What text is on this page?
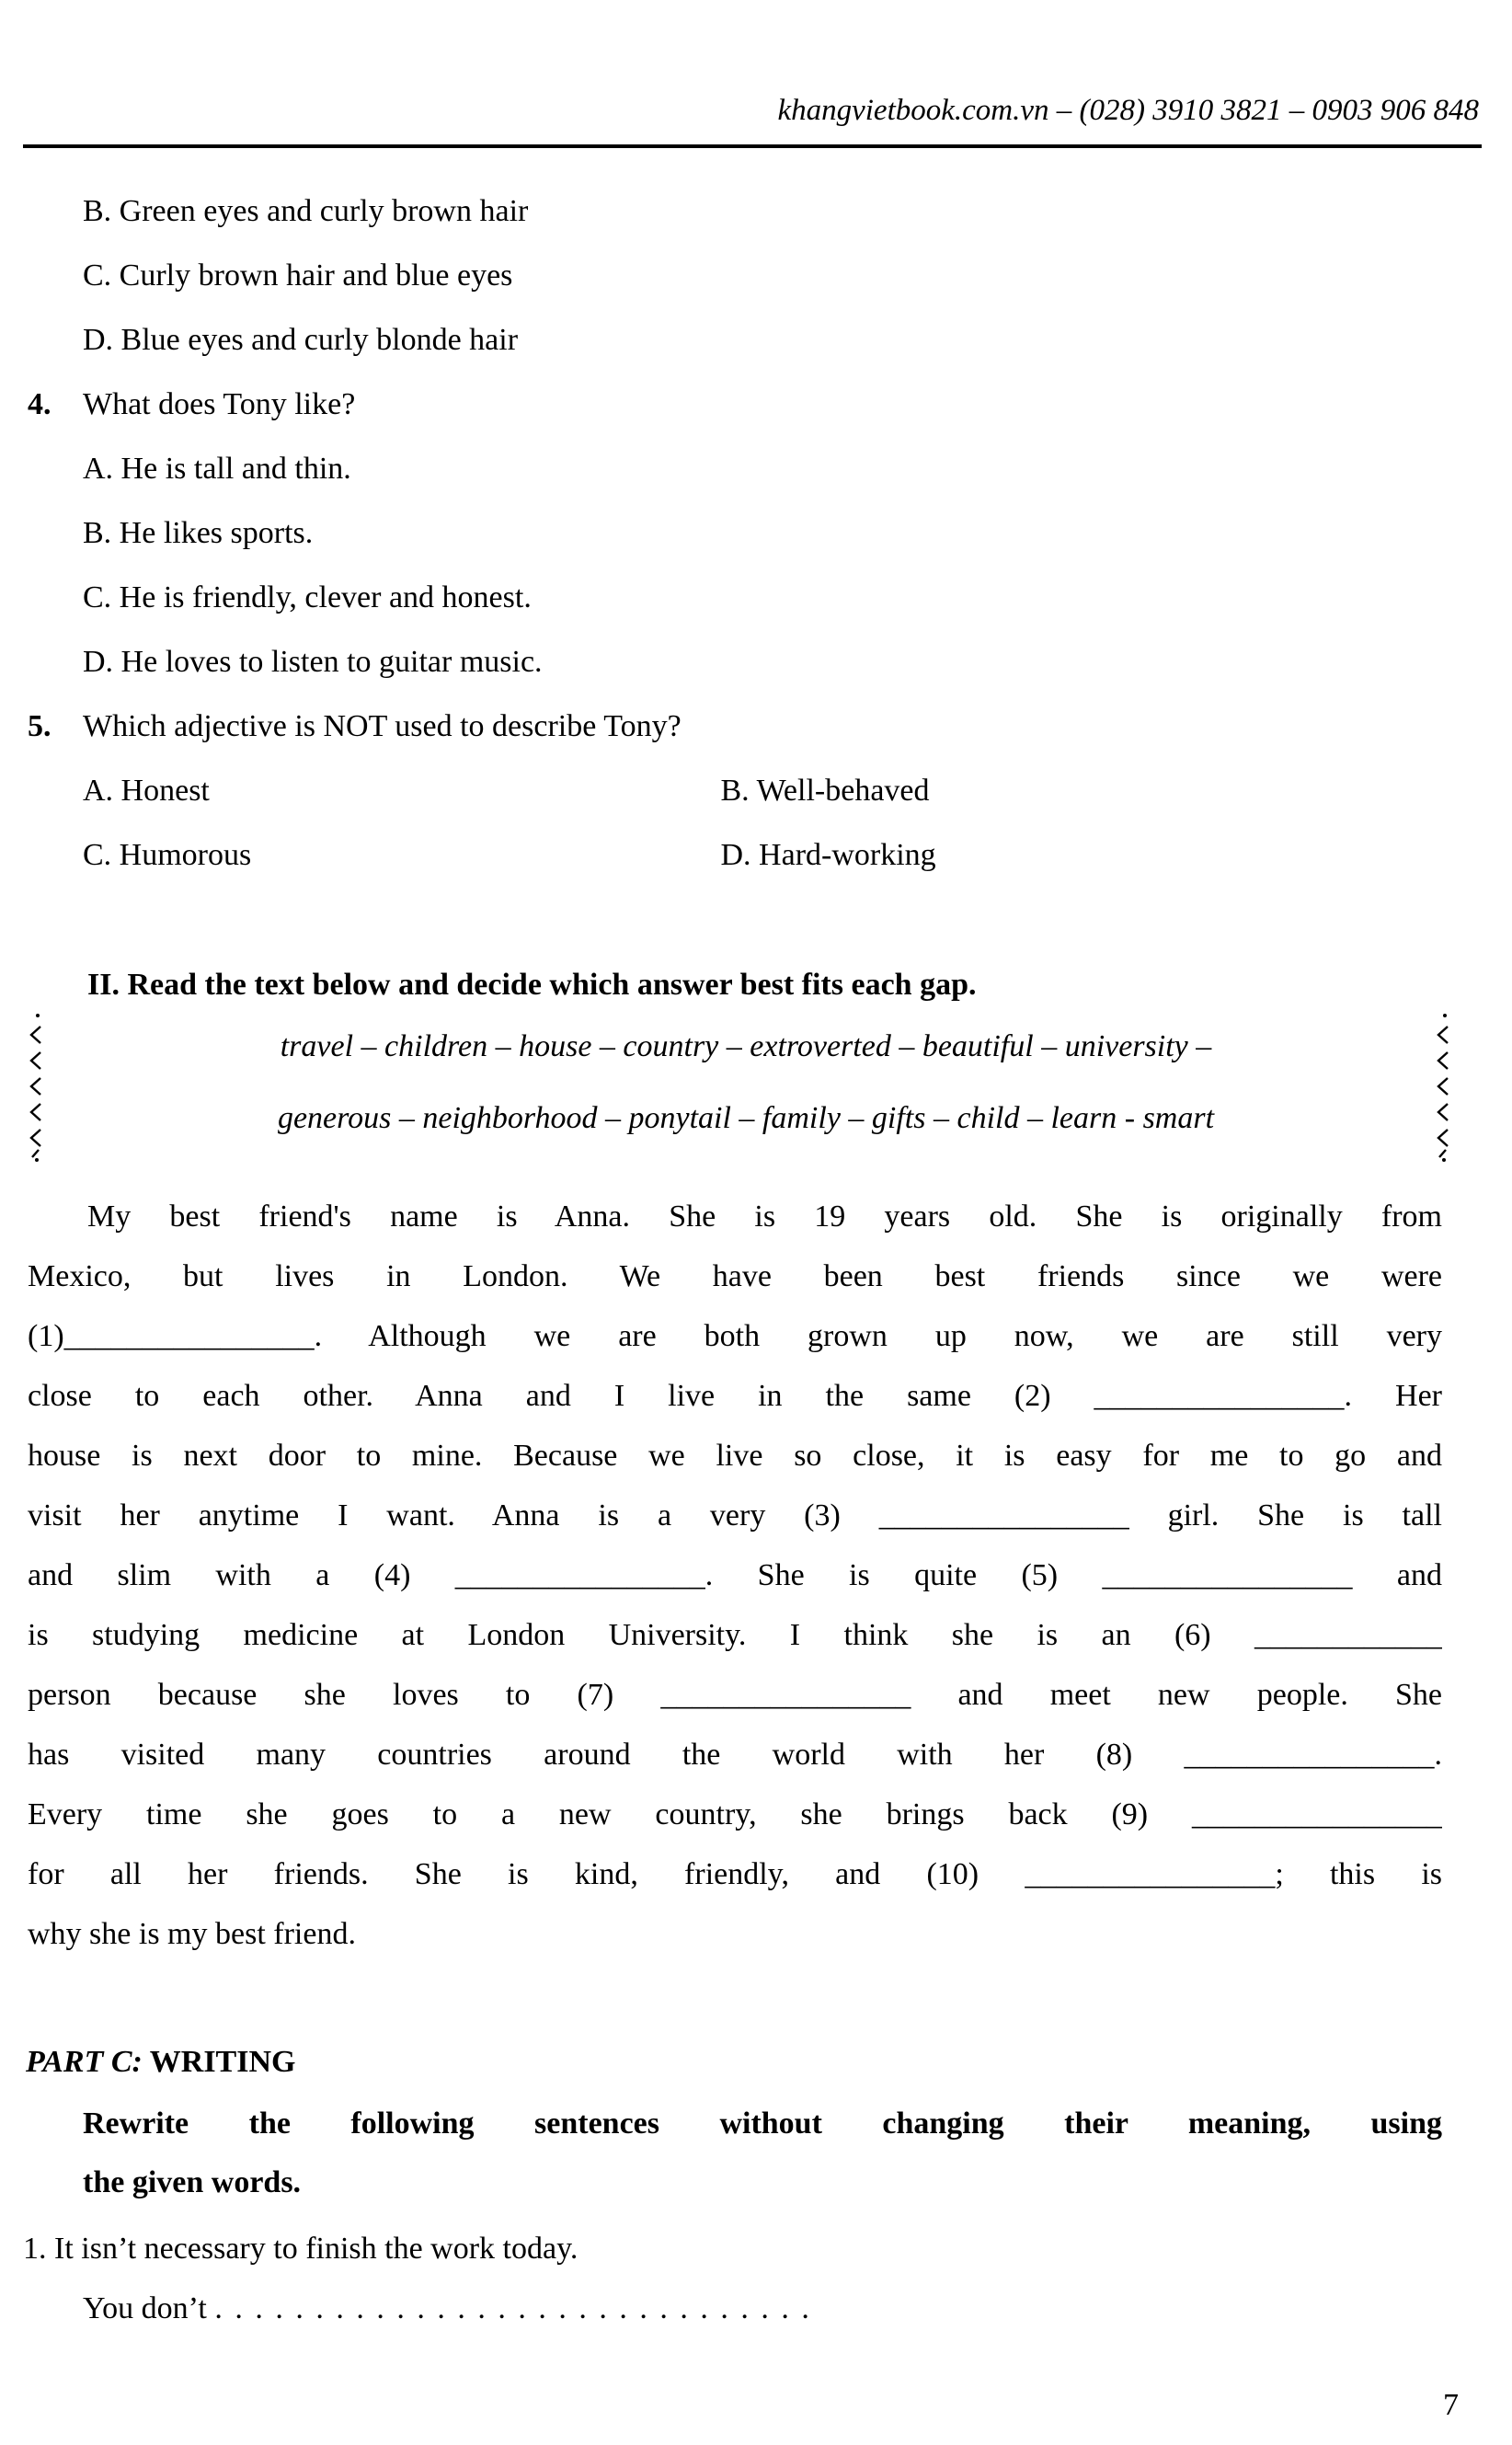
khangvietbook.com.vn – (028) 3910 3821 – 0903 906 848
B. Green eyes and curly brown hair
C. Curly brown hair and blue eyes
D. Blue eyes and curly blonde hair
4.	What does Tony like?
A. He is tall and thin.
B. He likes sports.
C. He is friendly, clever and honest.
D. He loves to listen to guitar music.
5.	Which adjective is NOT used to describe Tony?
A. Honest	B. Well-behaved
C. Humorous	D. Hard-working
II. Read the text below and decide which answer best fits each gap.
travel – children – house – country – extroverted – beautiful – university –
generous – neighborhood – ponytail – family – gifts – child – learn - smart
My best friend's name is Anna. She is 19 years old. She is originally from
Mexico, but lives in London. We have been best friends since we were
(1)________________. Although we are both grown up now, we are still very
close to each other. Anna and I live in the same (2) ________________. Her
house is next door to mine. Because we live so close, it is easy for me to go and
visit her anytime I want. Anna is a very (3) ________________ girl. She is tall
and slim with a (4) ________________. She is quite (5) ________________ and
is studying medicine at London University. I think she is an (6) ____________
person because she loves to (7) ________________ and meet new people. She
has visited many countries around the world with her (8) ________________.
Every time she goes to a new country, she brings back (9) ________________
for all her friends. She is kind, friendly, and (10) ________________; this is
why she is my best friend.
PART C: WRITING
Rewrite the following sentences without changing their meaning, using
the given words.
1. It isn’t necessary to finish the work today.
You don’t . . . . . . . . . . . . . . . . . . . . . . . . . . . . . .
7
